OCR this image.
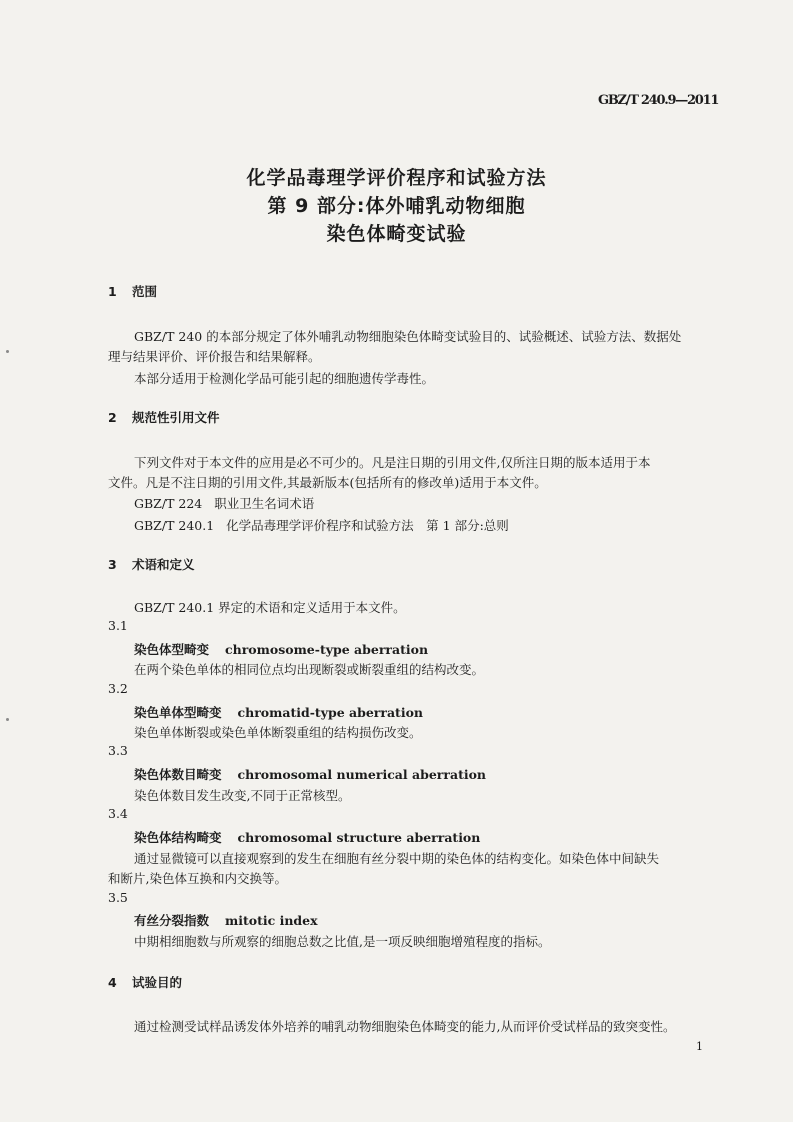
GBZ/T 240.9—2011
化学品毒理学评价程序和试验方法
第 9 部分:体外哺乳动物细胞
染色体畸变试验
1 范围
GBZ/T 240 的本部分规定了体外哺乳动物细胞染色体畸变试验目的、试验概述、试验方法、数据处
理与结果评价、评价报告和结果解释。
本部分适用于检测化学品可能引起的细胞遗传学毒性。
2 规范性引用文件
下列文件对于本文件的应用是必不可少的。凡是注日期的引用文件,仅所注日期的版本适用于本
文件。凡是不注日期的引用文件,其最新版本(包括所有的修改单)适用于本文件。
GBZ/T 224 职业卫生名词术语
GBZ/T 240.1 化学品毒理学评价程序和试验方法　第 1 部分:总则
3 术语和定义
GBZ/T 240.1 界定的术语和定义适用于本文件。
3.1
染色体型畸变 chromosome-type aberration
在两个染色单体的相同位点均出现断裂或断裂重组的结构改变。
3.2
染色单体型畸变 chromatid-type aberration
染色单体断裂或染色单体断裂重组的结构损伤改变。
3.3
染色体数目畸变 chromosomal numerical aberration
染色体数目发生改变,不同于正常核型。
3.4
染色体结构畸变 chromosomal structure aberration
通过显微镜可以直接观察到的发生在细胞有丝分裂中期的染色体的结构变化。如染色体中间缺失
和断片,染色体互换和内交换等。
3.5
有丝分裂指数 mitotic index
中期相细胞数与所观察的细胞总数之比值,是一项反映细胞增殖程度的指标。
4 试验目的
通过检测受试样品诱发体外培养的哺乳动物细胞染色体畸变的能力,从而评价受试样品的致突变性。
1
